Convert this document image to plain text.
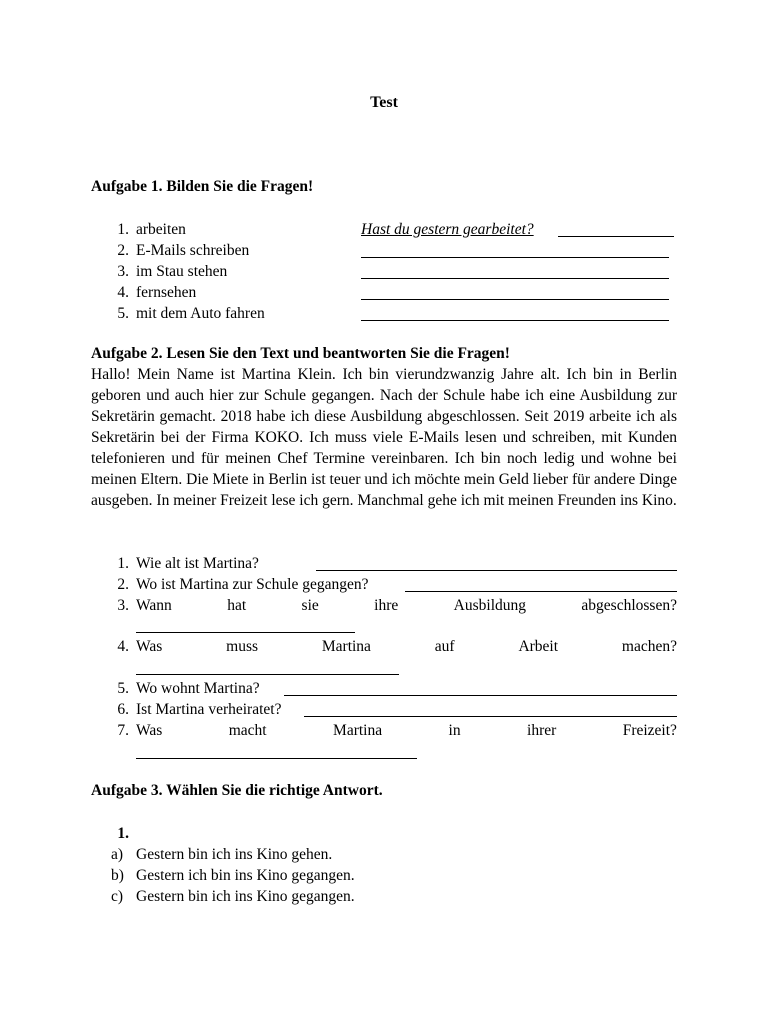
Test
Aufgabe 1. Bilden Sie die Fragen!
1. arbeiten	Hast du gestern gearbeitet?
2. E-Mails schreiben
3. im Stau stehen
4. fernsehen
5. mit dem Auto fahren
Aufgabe 2. Lesen Sie den Text und beantworten Sie die Fragen!

Hallo! Mein Name ist Martina Klein. Ich bin vierundzwanzig Jahre alt. Ich bin in Berlin geboren und auch hier zur Schule gegangen. Nach der Schule habe ich eine Ausbildung zur Sekretärin gemacht. 2018 habe ich diese Ausbildung abgeschlossen. Seit 2019 arbeite ich als Sekretärin bei der Firma KOKO. Ich muss viele E-Mails lesen und schreiben, mit Kunden telefonieren und für meinen Chef Termine vereinbaren. Ich bin noch ledig und wohne bei meinen Eltern. Die Miete in Berlin ist teuer und ich möchte mein Geld lieber für andere Dinge ausgeben. In meiner Freizeit lese ich gern. Manchmal gehe ich mit meinen Freunden ins Kino.

1. Wie alt ist Martina?
2. Wo ist Martina zur Schule gegangen?
3. Wann	hat	sie	ihre	Ausbildung	abgeschlossen?
4. Was	muss	Martina	auf	Arbeit	machen?
5. Wo wohnt Martina?
6. Ist Martina verheiratet?
7. Was	macht	Martina	in	ihrer	Freizeit?
Aufgabe 3. Wählen Sie die richtige Antwort.
1.
a) Gestern bin ich ins Kino gehen.
b) Gestern ich bin ins Kino gegangen.
c) Gestern bin ich ins Kino gegangen.
